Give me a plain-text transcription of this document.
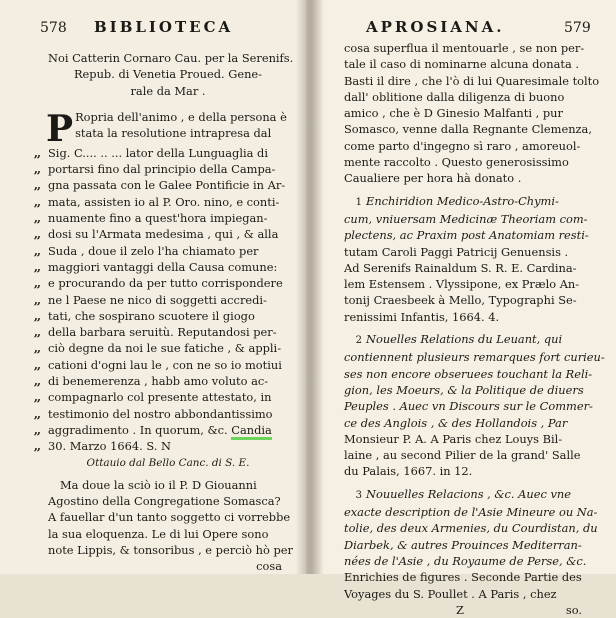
578 BIBLIOTECA
Noi Catterin Cornaro Cau. per la Serenifs.
Repub. di Venetia Proued. Gene-
rale da Mar .
P Ropria dell'animo , e della persona è
stata la resolutione intrapresa dal
,, Sig. C.... .. ... lator della Lunguaglia di
,, portarsi fino dal principio della Campa-
,, gna passata con le Galee Pontificie in Ar-
,, mata, assisten io al P. Oro. nino, e conti-
,, nuamente fino a quest'hora impiegan-
,, dosi su l'Armata medesima , qui , & alla
,, Suda , doue il zelo l'ha chiamato per
,, maggiori vantaggi della Causa comune:
,, e procurando da per tutto corrispondere
,, ne l Paese ne nico di soggetti accredi-
,, tati, che sospirano scuotere il giogo
,, della barbara seruitù. Reputandosi per-
,, ciò degne da noi le sue fatiche , & appli-
,, cationi d'ogni lau le , con ne so io motiui
,, di benemerenza , habb amo voluto ac-
,, compagnarlo col presente attestato, in
,, testimonio del nostro abbondantissimo
,, aggradimento . In quorum, &c. Candia
,, 30. Marzo 1664. S. N
Ottauio dal Bello Canc. di S. E.
Ma doue la sciò io il P. D Giouanni
Agostino della Congregatione Somasca?
A fauellar d'un tanto soggetto ci vorrebbe
la sua eloquenza. Le di lui Opere sono
note Lippis, & tonsoribus , e perciò hò per
cosa
APROSIANA.	579
cosa superflua il mentouarle , se non per-
tale il caso di nominarne alcuna donata .
Basti il dire , che l'ò di lui Quaresimale tolto
dall' oblitione dalla diligenza di buono
amico , che è D Ginesio Malfanti , pur
Somasco, venne dalla Regnante Clemenza,
come parto d'ingegno sì raro , amoreuol-
mente raccolto . Questo generosissimo
Caualiere per hora hà donato .
1 Enchiridion Medico-Astro-Chymi-
cum, vniuersam Medicinæ Theoriam com-
plectens, ac Praxim post Anatomiam resti-
tutam Caroli Paggi Patricij Genuensis .
Ad Serenifs Rainaldum S. R. E. Cardina-
lem Estensem . Vlyssipone, ex Prælo An-
tonij Craesbeek à Mello, Typographi Se-
renissimi Infantis, 1664. 4.
2 Nouelles Relations du Leuant, qui
contiennent plusieurs remarques fort curieu-
ses non encore obseruees touchant la Reli-
gion, les Moeurs, & la Politique de diuers
Peuples . Auec vn Discours sur le Commer-
ce des Anglois , & des Hollandois , Par
Monsieur P. A. A Paris chez Louys Bil-
laine , au second Pilier de la grand' Salle
du Palais, 1667. in 12.
3 Nouuelles Relacions , &c. Auec vne
exacte description de l'Asie Mineure ou Na-
tolie, des deux Armenies, du Courdistan, du
Diarbek, & autres Prouinces Mediterran-
nées de l'Asie , du Royaume de Perse, &c.
Enrichies de figures . Seconde Partie des
Voyages du S. Poullet . A Paris , chez
Z	so.
